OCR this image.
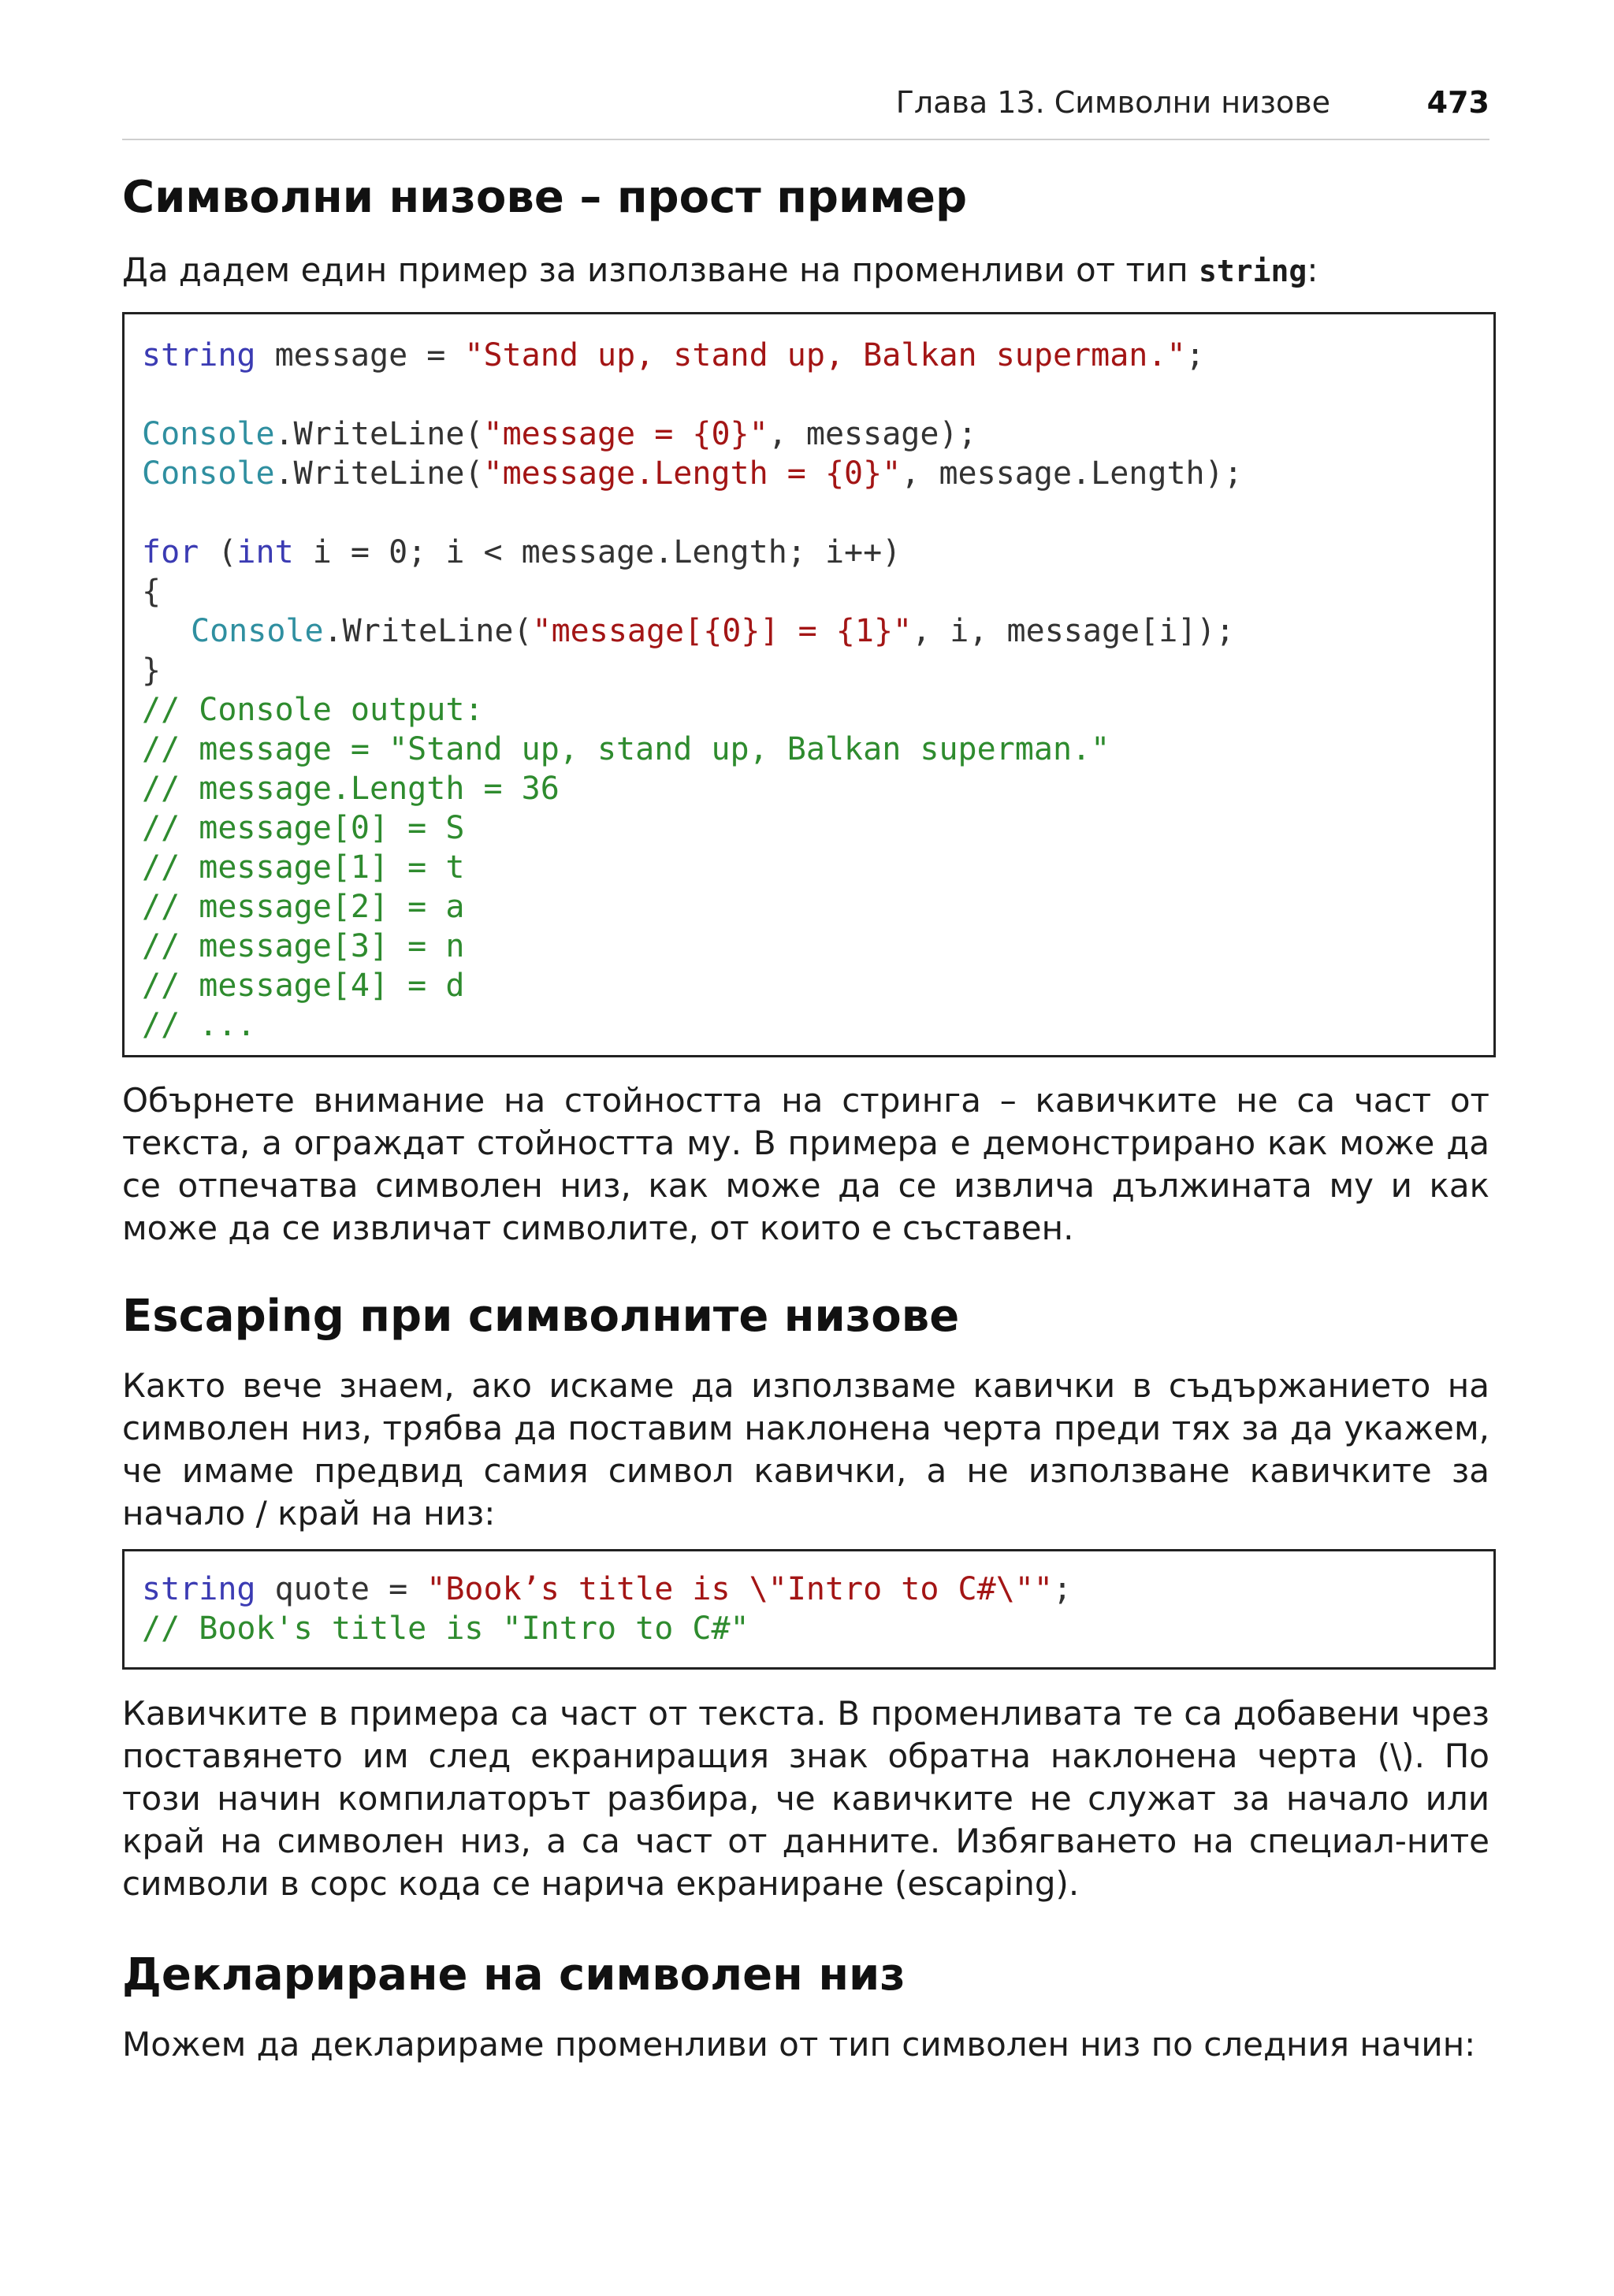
Глава 13. Символни низове	473
Символни низове – прост пример

Да дадем един пример за използване на променливи от тип string:

string message = "Stand up, stand up, Balkan superman.";
Console.WriteLine("message = {0}", message);
Console.WriteLine("message.Length = {0}", message.Length);
for (int i = 0; i < message.Length; i++)
{
Console.WriteLine("message[{0}] = {1}", i, message[i]);
}
// Console output:
// message = "Stand up, stand up, Balkan superman."
// message.Length = 36
// message[0] = S
// message[1] = t
// message[2] = a
// message[3] = n
// message[4] = d
// ...

Обърнете внимание на стойността на стринга – кавичките не са част от текста, а ограждат стойността му. В примера е демонстрирано как може да се отпечатва символен низ, как може да се извлича дължината му и как може да се извличат символите, от които е съставен.

Escaping при символните низове

Както вече знаем, ако искаме да използваме кавички в съдържанието на символен низ, трябва да поставим наклонена черта преди тях за да укажем, че имаме предвид самия символ кавички, а не използване кавичките за начало / край на низ:

string quote = "Book’s title is \"Intro to C#\"";
// Book's title is "Intro to C#"

Кавичките в примера са част от текста. В променливата те са добавени чрез поставянето им след екраниращия знак обратна наклонена черта (\). По този начин компилаторът разбира, че кавичките не служат за начало или край на символен низ, а са част от данните. Избягването на специал-ните символи в сорс кода се нарича екраниране (escaping).

Деклариране на символен низ

Можем да декларираме променливи от тип символен низ по следния начин:
